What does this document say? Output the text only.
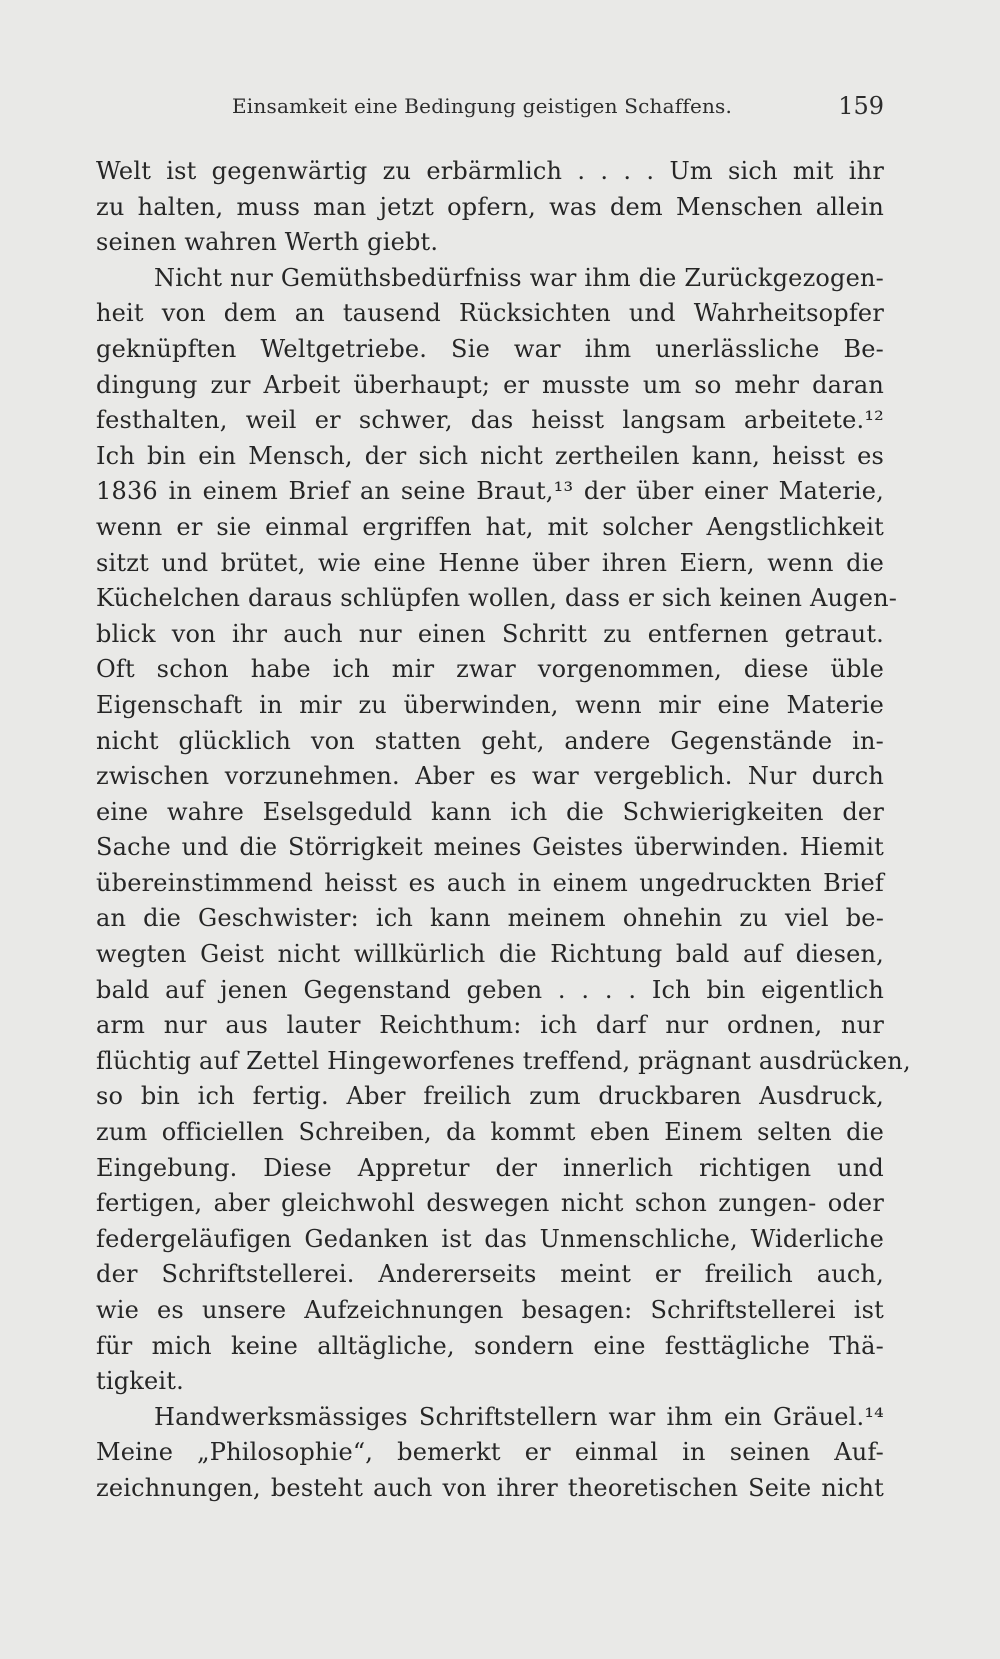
Einsamkeit eine Bedingung geistigen Schaffens.	159
Welt ist gegenwärtig zu erbärmlich . . . . Um sich mit ihr
zu halten, muss man jetzt opfern, was dem Menschen allein
seinen wahren Werth giebt.
Nicht nur Gemüthsbedürfniss war ihm die Zurückgezogen-
heit von dem an tausend Rücksichten und Wahrheitsopfer
geknüpften Weltgetriebe. Sie war ihm unerlässliche Be-
dingung zur Arbeit überhaupt; er musste um so mehr daran
festhalten, weil er schwer, das heisst langsam arbeitete.¹²
Ich bin ein Mensch, der sich nicht zertheilen kann, heisst es
1836 in einem Brief an seine Braut,¹³ der über einer Materie,
wenn er sie einmal ergriffen hat, mit solcher Aengstlichkeit
sitzt und brütet, wie eine Henne über ihren Eiern, wenn die
Küchelchen daraus schlüpfen wollen, dass er sich keinen Augen-
blick von ihr auch nur einen Schritt zu entfernen getraut.
Oft schon habe ich mir zwar vorgenommen, diese üble
Eigenschaft in mir zu überwinden, wenn mir eine Materie
nicht glücklich von statten geht, andere Gegenstände in-
zwischen vorzunehmen. Aber es war vergeblich. Nur durch
eine wahre Eselsgeduld kann ich die Schwierigkeiten der
Sache und die Störrigkeit meines Geistes überwinden. Hiemit
übereinstimmend heisst es auch in einem ungedruckten Brief
an die Geschwister: ich kann meinem ohnehin zu viel be-
wegten Geist nicht willkürlich die Richtung bald auf diesen,
bald auf jenen Gegenstand geben . . . . Ich bin eigentlich
arm nur aus lauter Reichthum: ich darf nur ordnen, nur
flüchtig auf Zettel Hingeworfenes treffend, prägnant ausdrücken,
so bin ich fertig. Aber freilich zum druckbaren Ausdruck,
zum officiellen Schreiben, da kommt eben Einem selten die
Eingebung. Diese Appretur der innerlich richtigen und
fertigen, aber gleichwohl deswegen nicht schon zungen- oder
federgeläufigen Gedanken ist das Unmenschliche, Widerliche
der Schriftstellerei. Andererseits meint er freilich auch,
wie es unsere Aufzeichnungen besagen: Schriftstellerei ist
für mich keine alltägliche, sondern eine festtägliche Thä-
tigkeit.
Handwerksmässiges Schriftstellern war ihm ein Gräuel.¹⁴
Meine „Philosophie“, bemerkt er einmal in seinen Auf-
zeichnungen, besteht auch von ihrer theoretischen Seite nicht
